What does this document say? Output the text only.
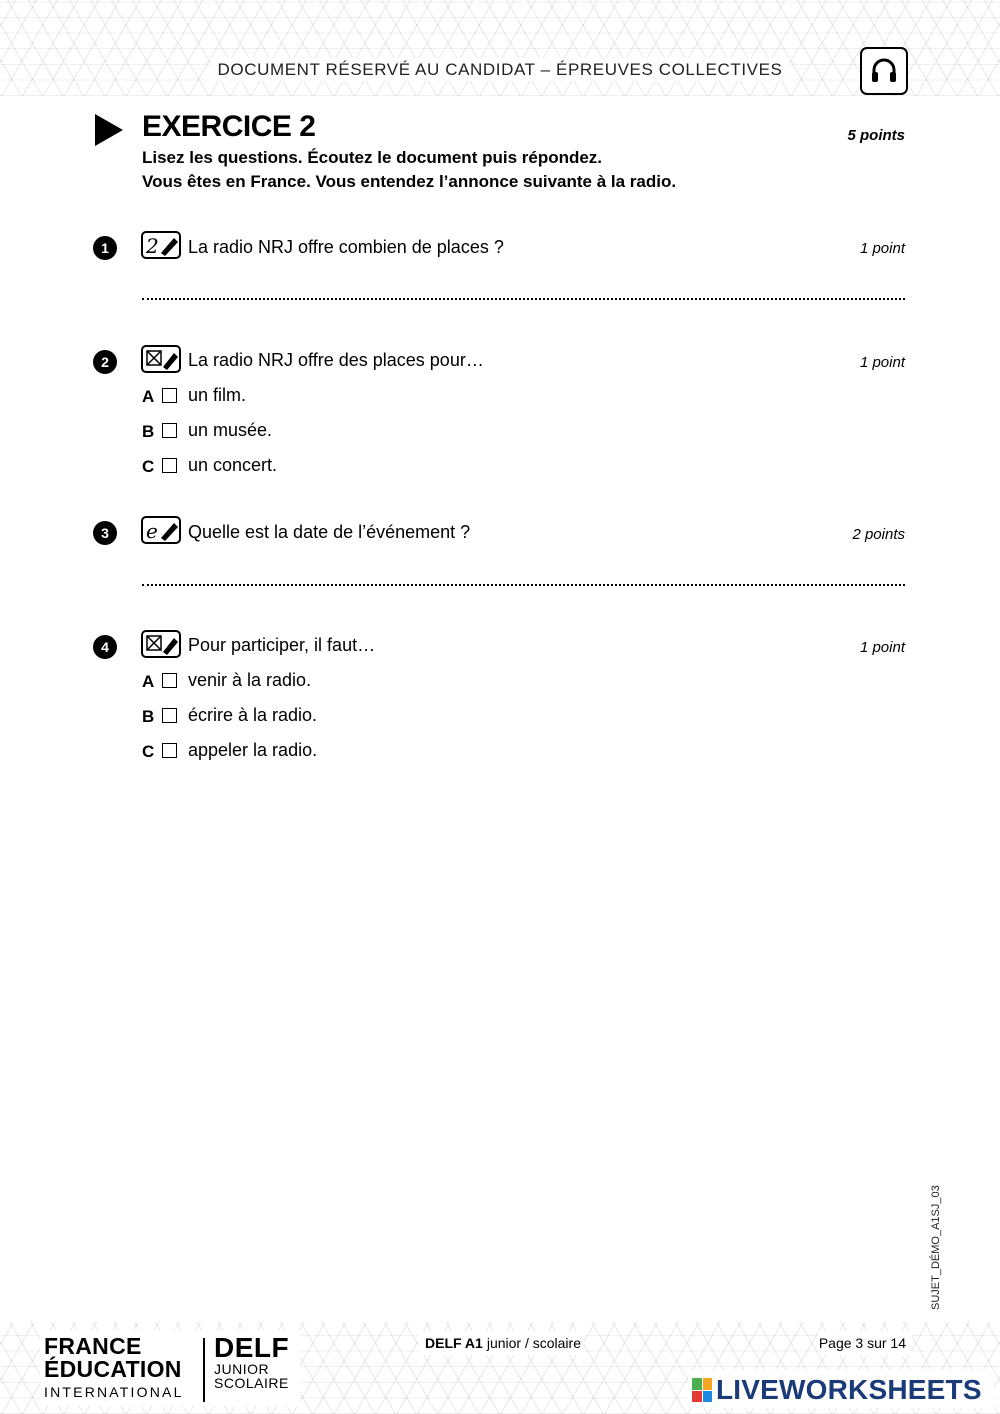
DOCUMENT RÉSERVÉ AU CANDIDAT – ÉPREUVES COLLECTIVES
EXERCICE 2	5 points
Lisez les questions. Écoutez le document puis répondez.
Vous êtes en France. Vous entendez l’annonce suivante à la radio.
1	2 La radio NRJ offre combien de places ?	1 point
2	La radio NRJ offre des places pour…	1 point
A un film.
B un musée.
C un concert.
3	e Quelle est la date de l’événement ?	2 points
4	Pour participer, il faut…	1 point
A venir à la radio.
B écrire à la radio.
C appeler la radio.
SUJET_DÉMO_A1SJ_03
FRANCE
ÉDUCATION
INTERNATIONAL
DELF
JUNIOR
SCOLAIRE
DELF A1 junior / scolaire	Page 3 sur 14
LIVEWORKSHEETS
